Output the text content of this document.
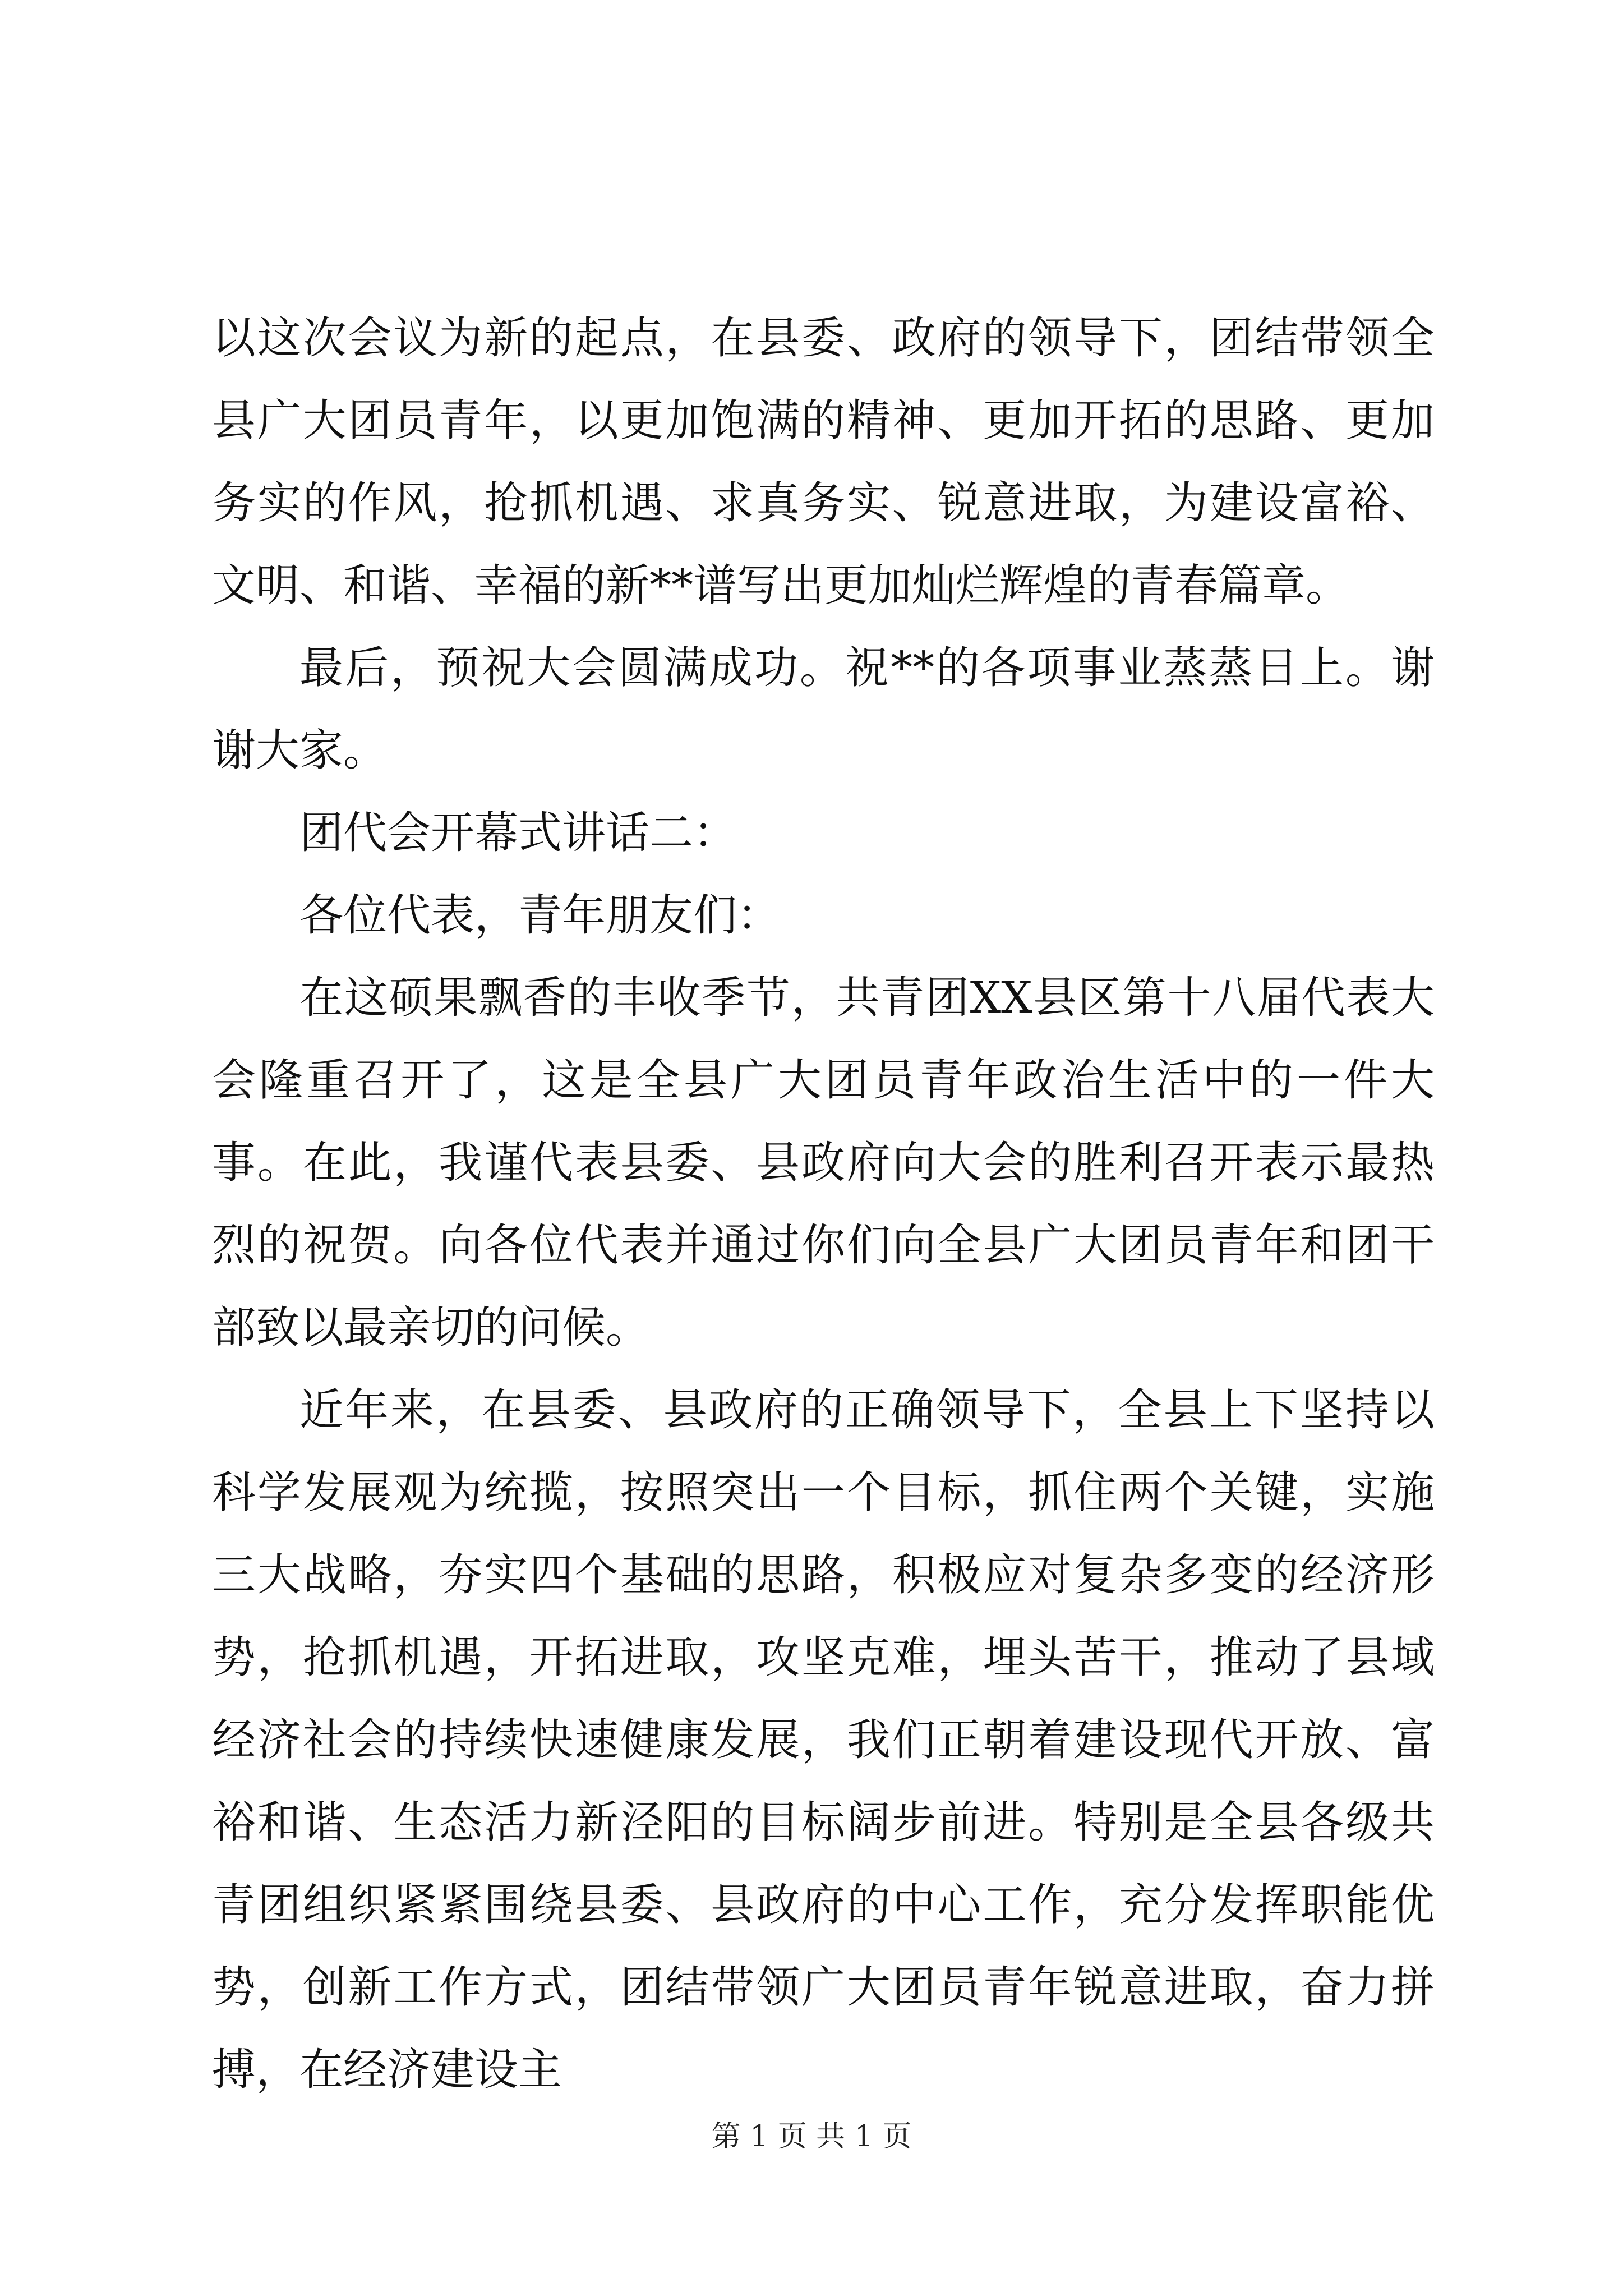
以这次会议为新的起点，在县委、政府的领导下，团结带领全县广大团员青年，以更加饱满的精神、更加开拓的思路、更加务实的作风，抢抓机遇、求真务实、锐意进取，为建设富裕、文明、和谐、幸福的新**谱写出更加灿烂辉煌的青春篇章。

最后，预祝大会圆满成功。祝**的各项事业蒸蒸日上。谢谢大家。

团代会开幕式讲话二：

各位代表，青年朋友们：

在这硕果飘香的丰收季节，共青团XX县区第十八届代表大会隆重召开了，这是全县广大团员青年政治生活中的一件大事。在此，我谨代表县委、县政府向大会的胜利召开表示最热烈的祝贺。向各位代表并通过你们向全县广大团员青年和团干部致以最亲切的问候。

近年来，在县委、县政府的正确领导下，全县上下坚持以科学发展观为统揽，按照突出一个目标，抓住两个关键，实施三大战略，夯实四个基础的思路，积极应对复杂多变的经济形势，抢抓机遇，开拓进取，攻坚克难，埋头苦干，推动了县域经济社会的持续快速健康发展，我们正朝着建设现代开放、富裕和谐、生态活力新泾阳的目标阔步前进。特别是全县各级共青团组织紧紧围绕县委、县政府的中心工作，充分发挥职能优势，创新工作方式，团结带领广大团员青年锐意进取，奋力拼搏，在经济建设主

第 1 页 共 1 页
